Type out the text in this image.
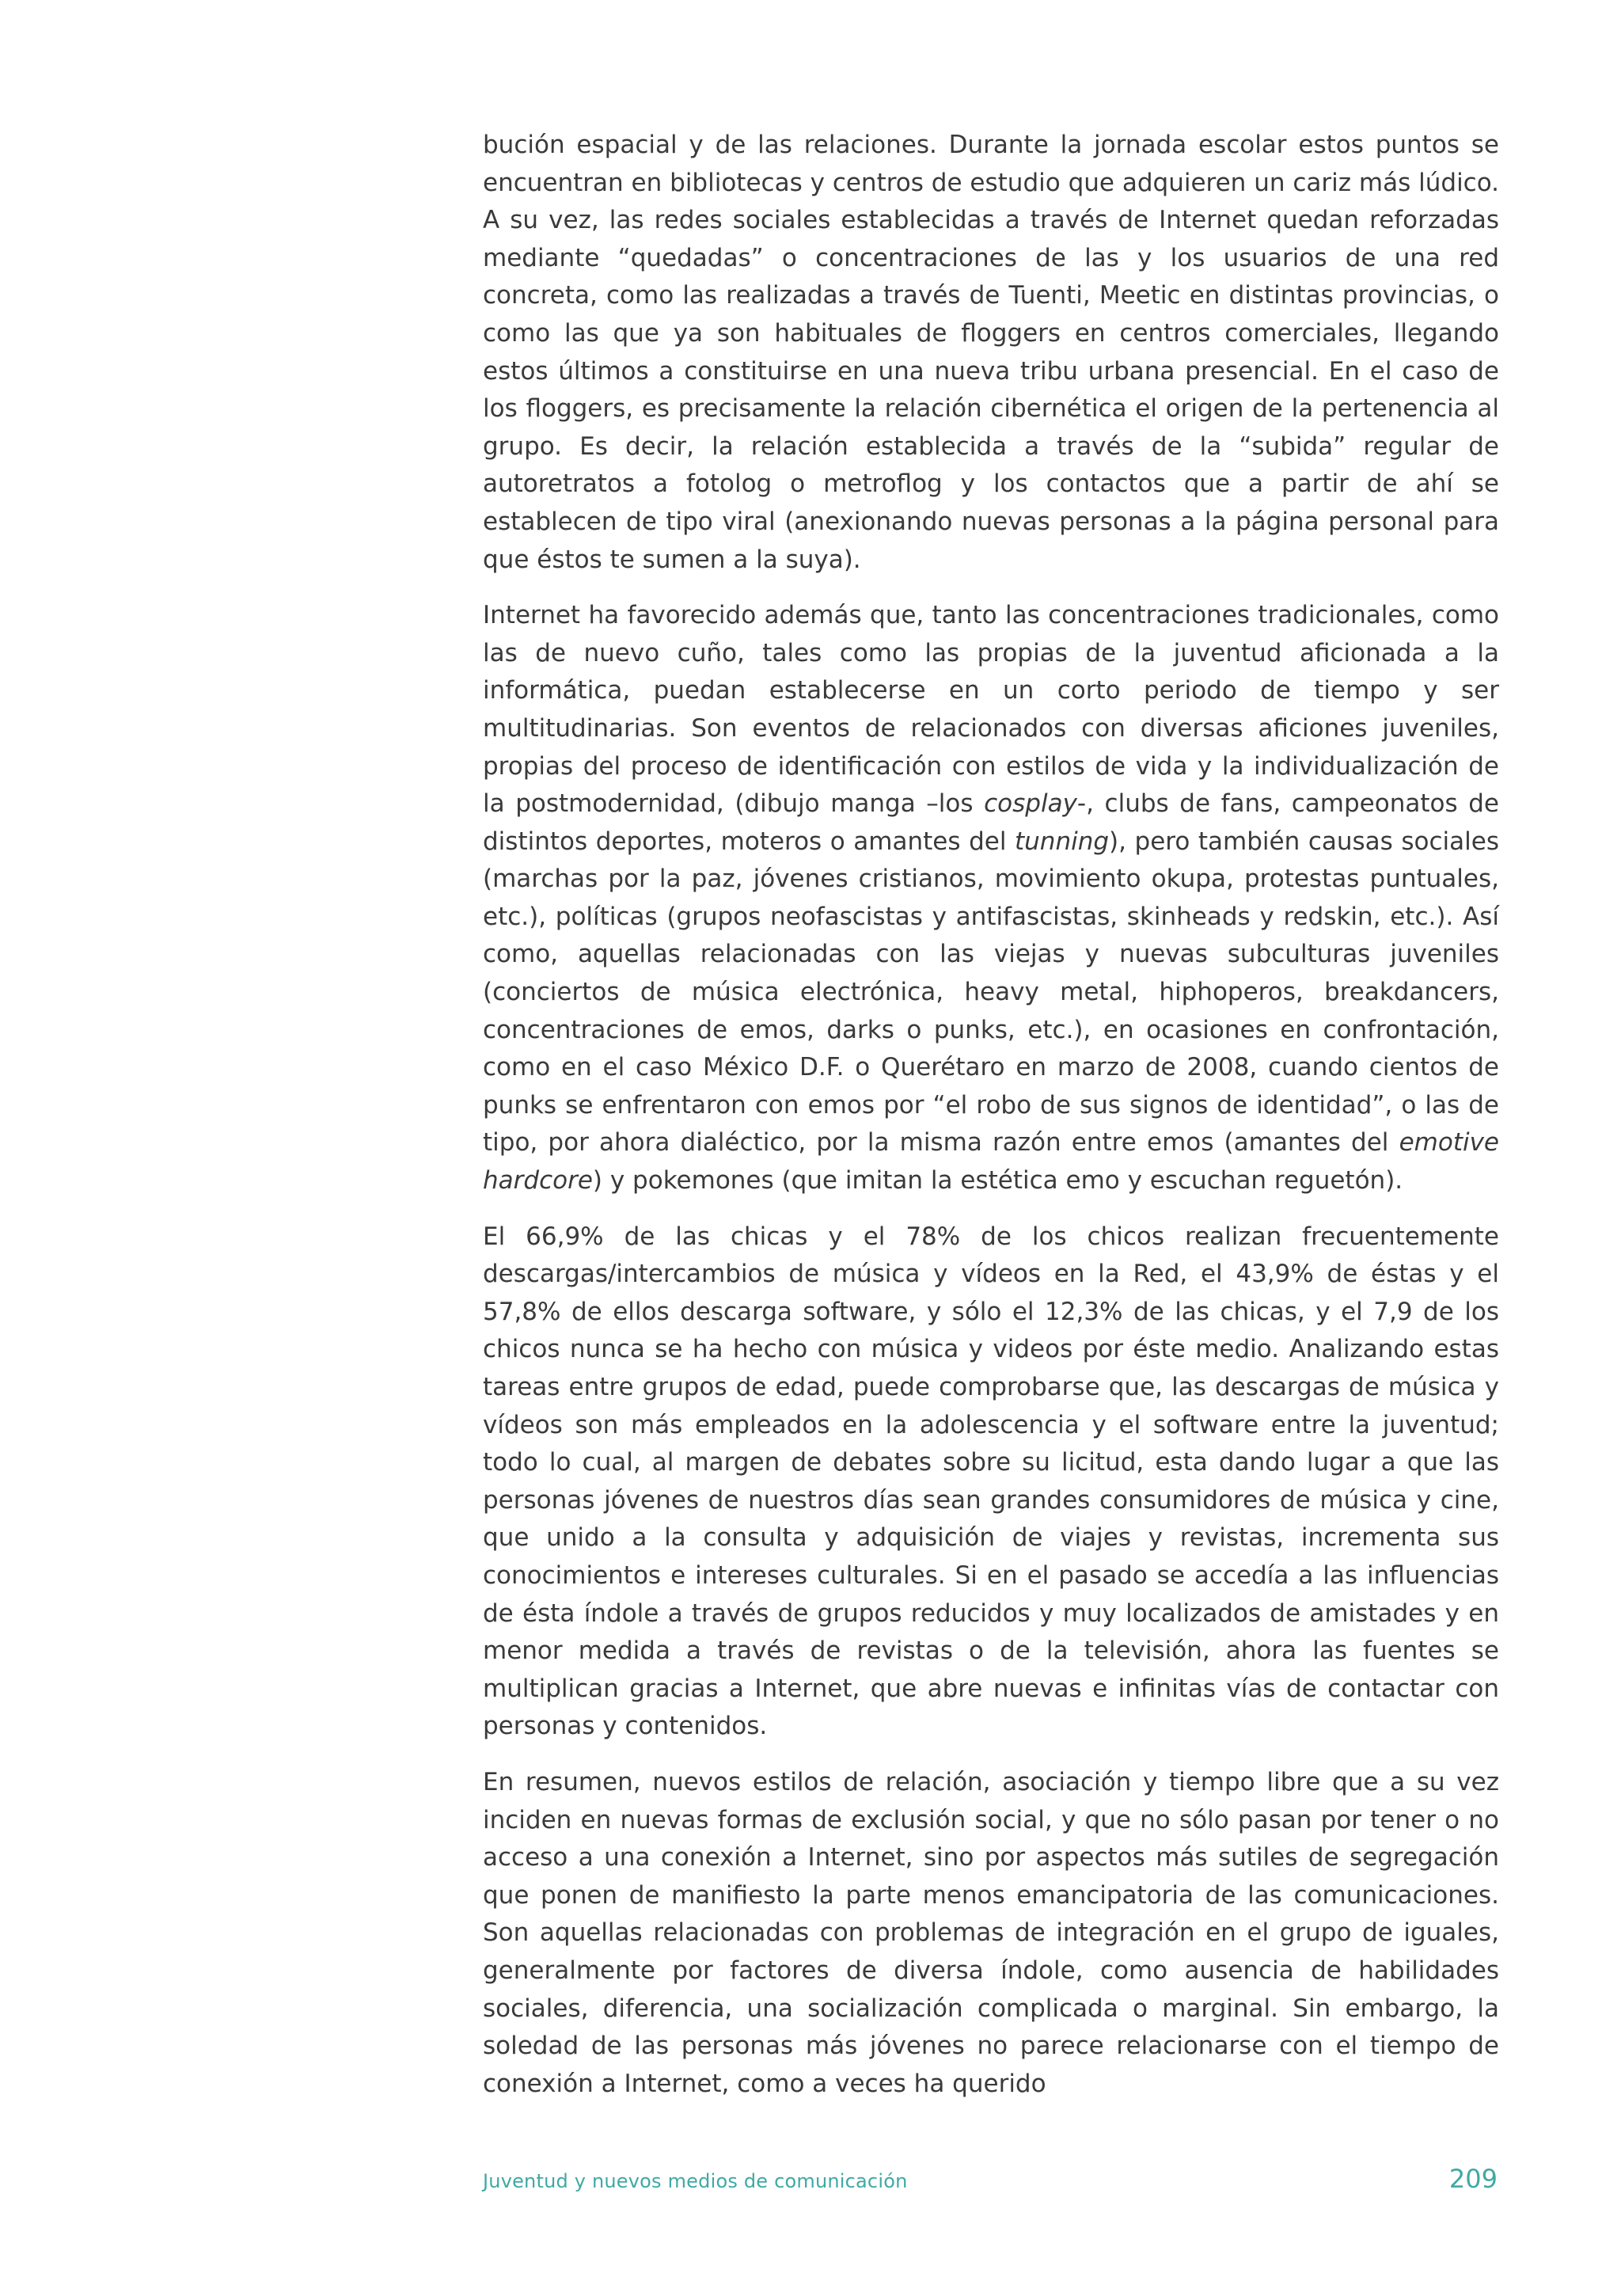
bución espacial y de las relaciones. Durante la jornada escolar estos puntos se encuentran en bibliotecas y centros de estudio que adquieren un cariz más lúdico. A su vez, las redes sociales establecidas a través de Internet quedan reforzadas mediante “quedadas” o concentraciones de las y los usuarios de una red concreta, como las realizadas a través de Tuenti, Meetic en distintas provincias, o como las que ya son habituales de floggers en centros comerciales, llegando estos últimos a constituirse en una nueva tribu urbana presencial. En el caso de los floggers, es precisamente la relación cibernética el origen de la pertenencia al grupo. Es decir, la relación establecida a través de la “subida” regular de autoretratos a fotolog o metroflog y los contactos que a partir de ahí se establecen de tipo viral (anexionando nuevas personas a la página personal para que éstos te sumen a la suya).

Internet ha favorecido además que, tanto las concentraciones tradicionales, como las de nuevo cuño, tales como las propias de la juventud aficionada a la informática, puedan establecerse en un corto periodo de tiempo y ser multitudinarias. Son eventos de relacionados con diversas aficiones juveniles, propias del proceso de identificación con estilos de vida y la individualización de la postmodernidad, (dibujo manga –los cosplay-, clubs de fans, campeonatos de distintos deportes, moteros o amantes del tunning), pero también causas sociales (marchas por la paz, jóvenes cristianos, movimiento okupa, protestas puntuales, etc.), políticas (grupos neofascistas y antifascistas, skinheads y redskin, etc.). Así como, aquellas relacionadas con las viejas y nuevas subculturas juveniles (conciertos de música electrónica, heavy metal, hiphoperos, breakdancers, concentraciones de emos, darks o punks, etc.), en ocasiones en confrontación, como en el caso México D.F. o Querétaro en marzo de 2008, cuando cientos de punks se enfrentaron con emos por “el robo de sus signos de identidad”, o las de tipo, por ahora dialéctico, por la misma razón entre emos (amantes del emotive hardcore) y pokemones (que imitan la estética emo y escuchan reguetón).

El 66,9% de las chicas y el 78% de los chicos realizan frecuentemente descargas/intercambios de música y vídeos en la Red, el 43,9% de éstas y el 57,8% de ellos descarga software, y sólo el 12,3% de las chicas, y el 7,9 de los chicos nunca se ha hecho con música y videos por éste medio. Analizando estas tareas entre grupos de edad, puede comprobarse que, las descargas de música y vídeos son más empleados en la adolescencia y el software entre la juventud; todo lo cual, al margen de debates sobre su licitud, esta dando lugar a que las personas jóvenes de nuestros días sean grandes consumidores de música y cine, que unido a la consulta y adquisición de viajes y revistas, incrementa sus conocimientos e intereses culturales. Si en el pasado se accedía a las influencias de ésta índole a través de grupos reducidos y muy localizados de amistades y en menor medida a través de revistas o de la televisión, ahora las fuentes se multiplican gracias a Internet, que abre nuevas e infinitas vías de contactar con personas y contenidos.

En resumen, nuevos estilos de relación, asociación y tiempo libre que a su vez inciden en nuevas formas de exclusión social, y que no sólo pasan por tener o no acceso a una conexión a Internet, sino por aspectos más sutiles de segregación que ponen de manifiesto la parte menos emancipatoria de las comunicaciones. Son aquellas relacionadas con problemas de integración en el grupo de iguales, generalmente por factores de diversa índole, como ausencia de habilidades sociales, diferencia, una socialización complicada o marginal. Sin embargo, la soledad de las personas más jóvenes no parece relacionarse con el tiempo de conexión a Internet, como a veces ha querido

Juventud y nuevos medios de comunicación	209
